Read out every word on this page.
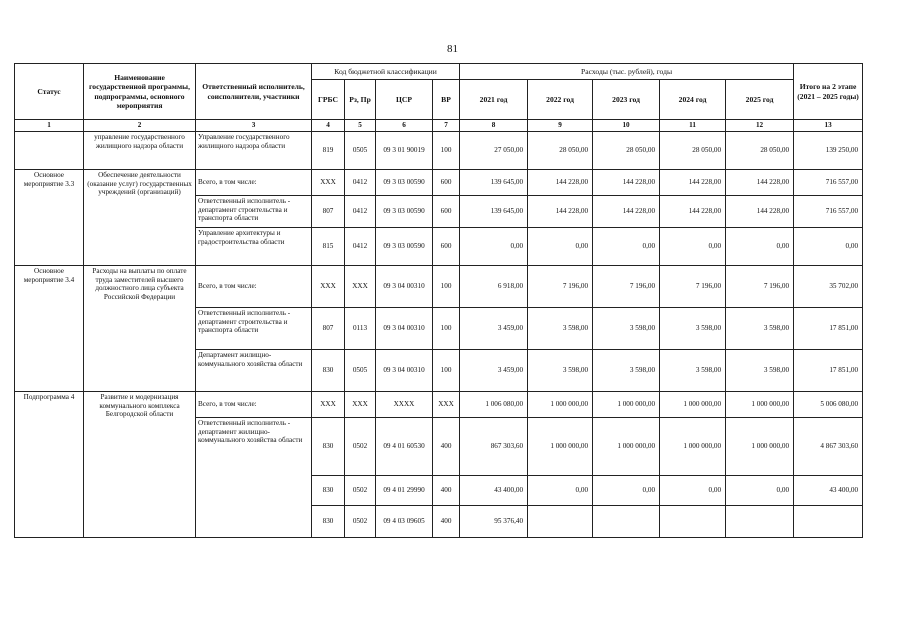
81
Статус	Наименование государственной программы, подпрограммы, основного мероприятия	Ответственный исполнитель, соисполнители, участники	Код бюджетной классификации				Расходы (тыс. рублей), годы					Итого на 2 этапе (2021 – 2025 годы)
			ГРБС	Рз, Пр	ЦСР	ВР	2021 год	2022 год	2023 год	2024 год	2025 год	
1	2	3	4	5	6	7	8	9	10	11	12	13
	управление государственного жилищного надзора области	Управление государственного жилищного надзора области	819	0505	09 3 01 90019	100	27 050,00	28 050,00	28 050,00	28 050,00	28 050,00	139 250,00
Основное мероприятие 3.3	Обеспечение деятельности (оказание услуг) государственных учреждений (организаций)	Всего, в том числе:	ХХХ	0412	09 3 03 00590	600	139 645,00	144 228,00	144 228,00	144 228,00	144 228,00	716 557,00
		Ответственный исполнитель - департамент строительства и транспорта области	807	0412	09 3 03 00590	600	139 645,00	144 228,00	144 228,00	144 228,00	144 228,00	716 557,00
		Управление архитектуры и градостроительства области	815	0412	09 3 03 00590	600	0,00	0,00	0,00	0,00	0,00	0,00
Основное мероприятие 3.4	Расходы на выплаты по оплате труда заместителей высшего должностного лица субъекта Российской Федерации	Всего, в том числе:	ХХХ	ХХХ	09 3 04 00310	100	6 918,00	7 196,00	7 196,00	7 196,00	7 196,00	35 702,00
		Ответственный исполнитель - департамент строительства и транспорта области	807	0113	09 3 04 00310	100	3 459,00	3 598,00	3 598,00	3 598,00	3 598,00	17 851,00
		Департамент жилищно-коммунального хозяйства области	830	0505	09 3 04 00310	100	3 459,00	3 598,00	3 598,00	3 598,00	3 598,00	17 851,00
Подпрограмма 4	Развитие и модернизация коммунального комплекса Белгородской области	Всего, в том числе:	ХХХ	ХХХ	ХХХХ	ХХХ	1 006 080,00	1 000 000,00	1 000 000,00	1 000 000,00	1 000 000,00	5 006 080,00
		Ответственный исполнитель - департамент жилищно-коммунального хозяйства области	830	0502	09 4 01 60530	400	867 303,60	1 000 000,00	1 000 000,00	1 000 000,00	1 000 000,00	4 867 303,60
			830	0502	09 4 01 29990	400	43 400,00	0,00	0,00	0,00	0,00	43 400,00
			830	0502	09 4 03 09605	400	95 376,40					
